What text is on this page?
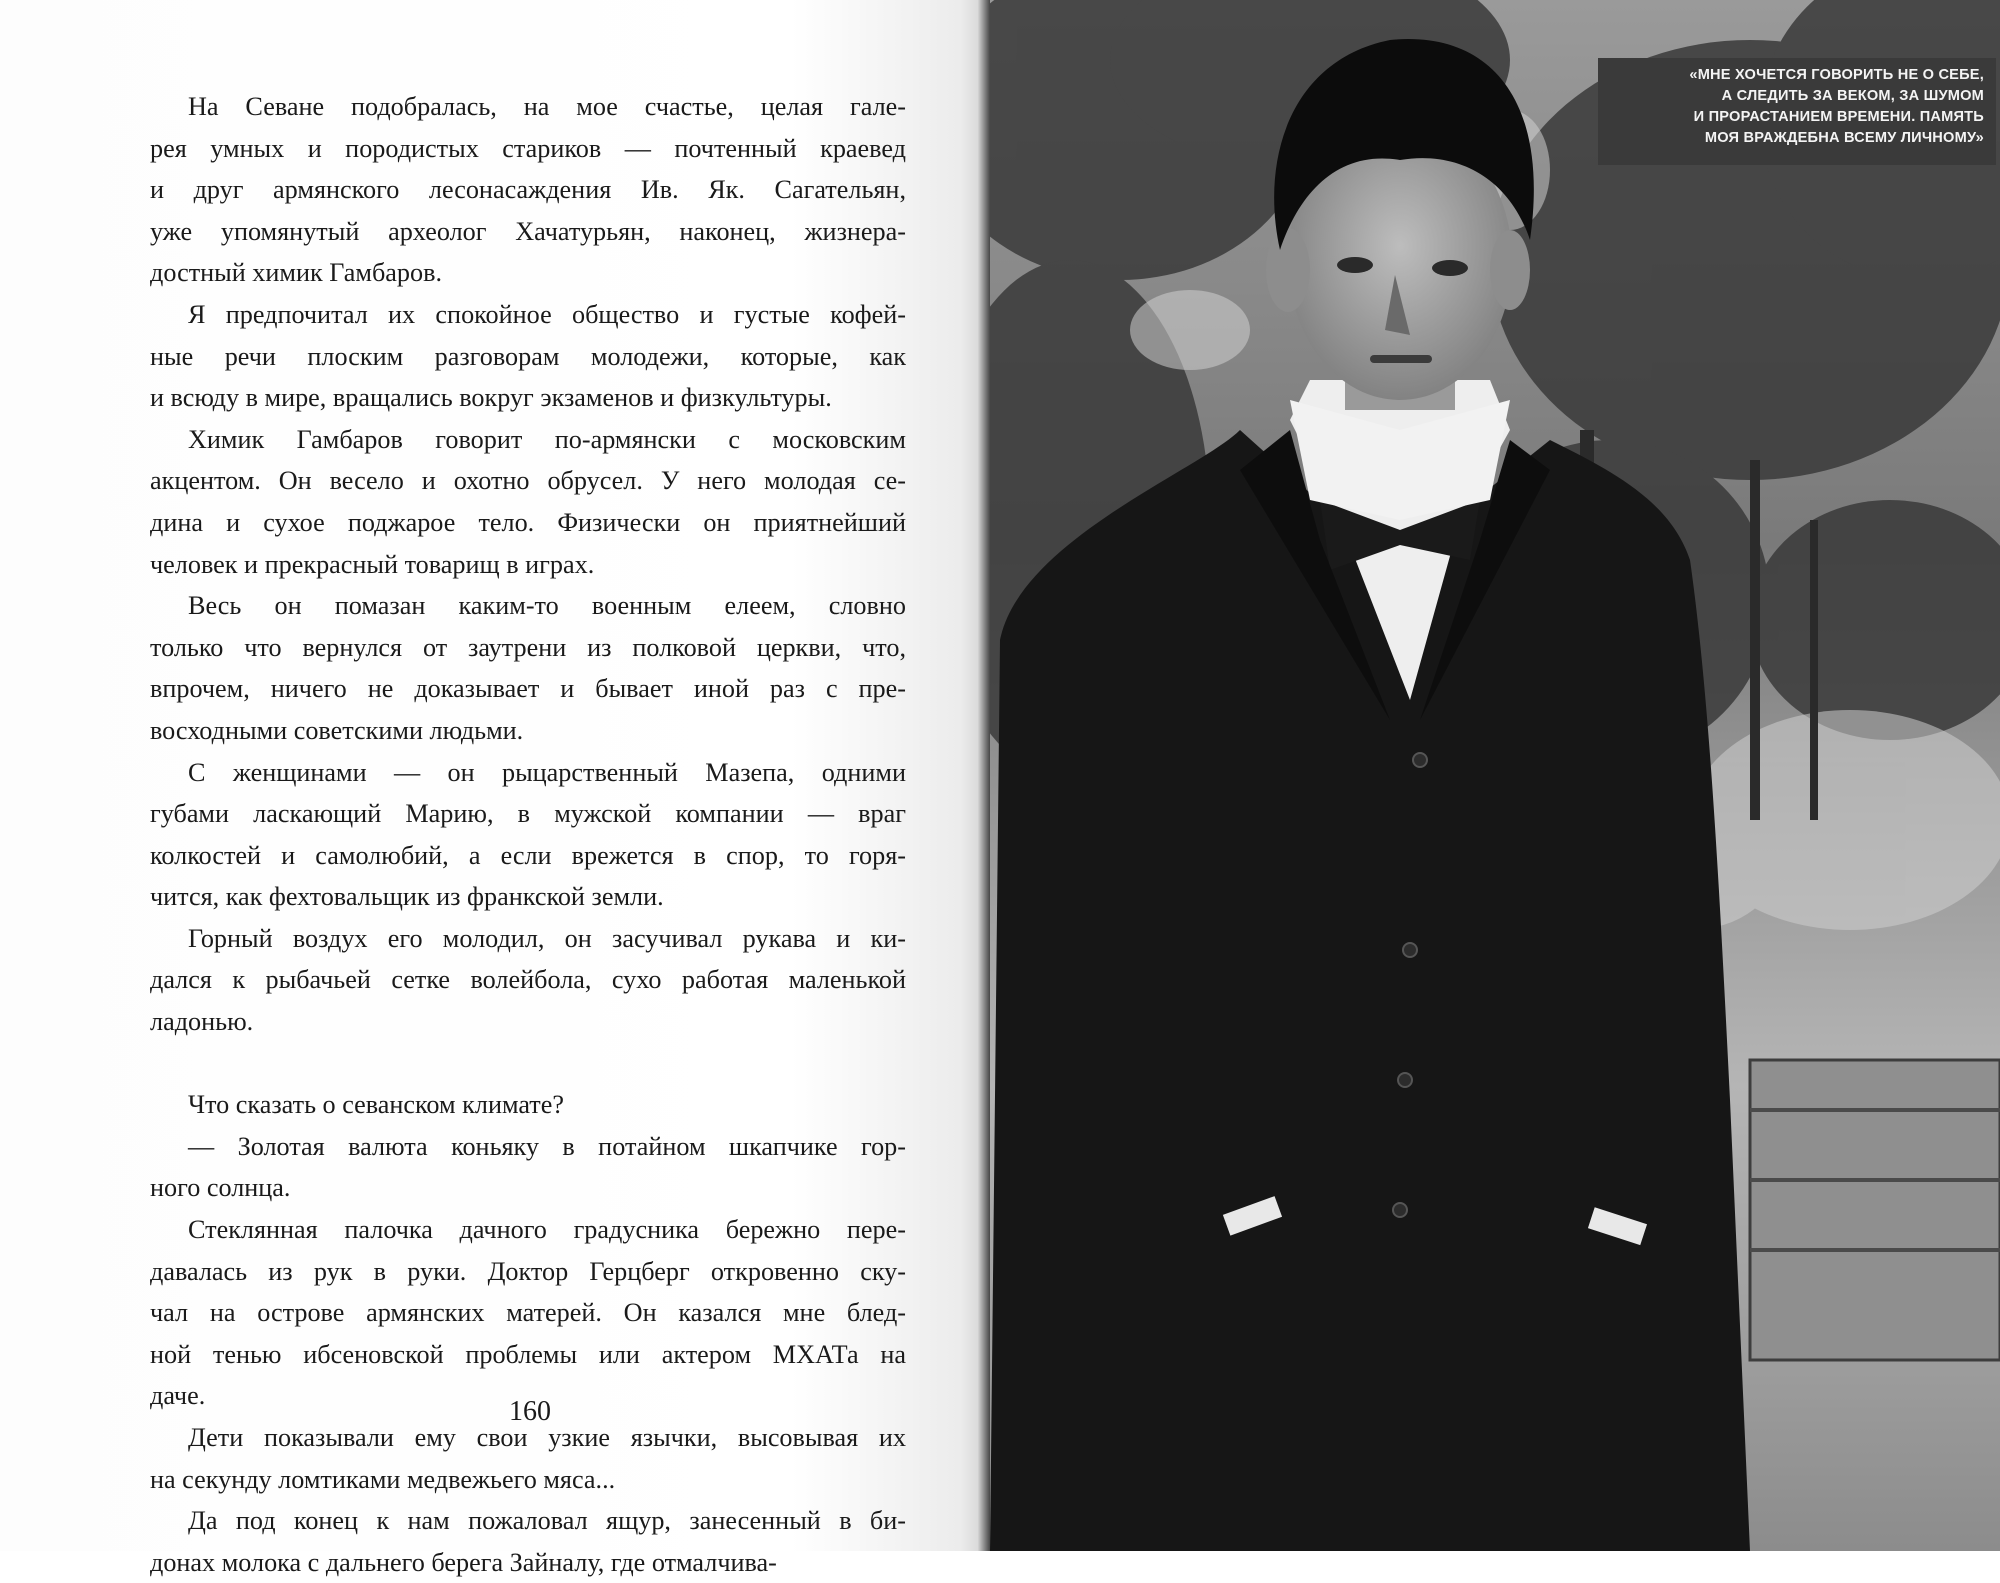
На Севане подобралась, на мое счастье, целая гале-
рея умных и породистых стариков — почтенный краевед
и друг армянского лесонасаждения Ив. Як. Сагательян,
уже упомянутый археолог Хачатурьян, наконец, жизнера-
достный химик Гамбаров.

Я предпочитал их спокойное общество и густые кофей-
ные речи плоским разговорам молодежи, которые, как
и всюду в мире, вращались вокруг экзаменов и физкультуры.

Химик Гамбаров говорит по-армянски с московским
акцентом. Он весело и охотно обрусел. У него молодая се-
дина и сухое поджарое тело. Физически он приятнейший
человек и прекрасный товарищ в играх.

Весь он помазан каким-то военным елеем, словно
только что вернулся от заутрени из полковой церкви, что,
впрочем, ничего не доказывает и бывает иной раз с пре-
восходными советскими людьми.

С женщинами — он рыцарственный Мазепа, одними
губами ласкающий Марию, в мужской компании — враг
колкостей и самолюбий, а если врежется в спор, то горя-
чится, как фехтовальщик из франкской земли.

Горный воздух его молодил, он засучивал рукава и ки-
дался к рыбачьей сетке волейбола, сухо работая маленькой
ладонью.

Что сказать о севанском климате?

— Золотая валюта коньяку в потайном шкапчике гор-
ного солнца.

Стеклянная палочка дачного градусника бережно пере-
давалась из рук в руки. Доктор Герцберг откровенно ску-
чал на острове армянских матерей. Он казался мне блед-
ной тенью ибсеновской проблемы или актером МХАТа на
даче.

Дети показывали ему свои узкие язычки, высовывая их
на секунду ломтиками медвежьего мяса...

Да под конец к нам пожаловал ящур, занесенный в би-
донах молока с дальнего берега Зайналу, где отмалчива-

160
«МНЕ ХОЧЕТСЯ ГОВОРИТЬ НЕ О СЕБЕ,
А СЛЕДИТЬ ЗА ВЕКОМ, ЗА ШУМОМ
И ПРОРАСТАНИЕМ ВРЕМЕНИ. ПАМЯТЬ
МОЯ ВРАЖДЕБНА ВСЕМУ ЛИЧНОМУ»
